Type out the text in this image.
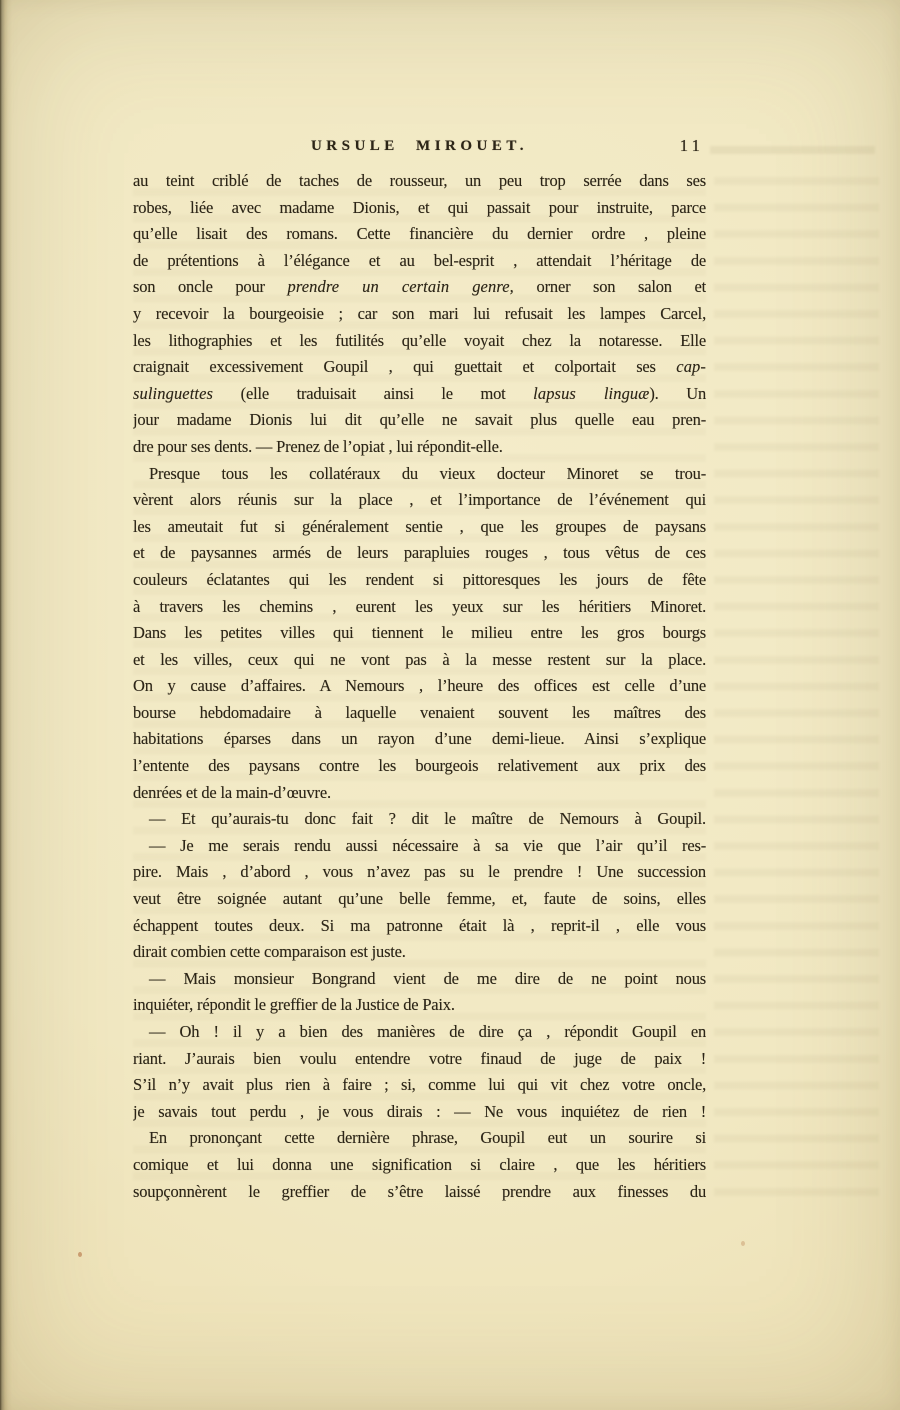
URSULE MIROUET.	11
au teint criblé de taches de rousseur, un peu trop serrée dans ses
robes, liée avec madame Dionis, et qui passait pour instruite, parce
qu’elle lisait des romans. Cette financière du dernier ordre , pleine
de prétentions à l’élégance et au bel-esprit , attendait l’héritage de
son oncle pour prendre un certain genre, orner son salon et
y recevoir la bourgeoisie ; car son mari lui refusait les lampes Carcel,
les lithographies et les futilités qu’elle voyait chez la notaresse. Elle
craignait excessivement Goupil , qui guettait et colportait ses cap-
sulinguettes (elle traduisait ainsi le mot lapsus linguæ). Un
jour madame Dionis lui dit qu’elle ne savait plus quelle eau pren-
dre pour ses dents. — Prenez de l’opiat , lui répondit-elle.
Presque tous les collatéraux du vieux docteur Minoret se trou-
vèrent alors réunis sur la place , et l’importance de l’événement qui
les ameutait fut si généralement sentie , que les groupes de paysans
et de paysannes armés de leurs parapluies rouges , tous vêtus de ces
couleurs éclatantes qui les rendent si pittoresques les jours de fête
à travers les chemins , eurent les yeux sur les héritiers Minoret.
Dans les petites villes qui tiennent le milieu entre les gros bourgs
et les villes, ceux qui ne vont pas à la messe restent sur la place.
On y cause d’affaires. A Nemours , l’heure des offices est celle d’une
bourse hebdomadaire à laquelle venaient souvent les maîtres des
habitations éparses dans un rayon d’une demi-lieue. Ainsi s’explique
l’entente des paysans contre les bourgeois relativement aux prix des
denrées et de la main-d’œuvre.
— Et qu’aurais-tu donc fait ? dit le maître de Nemours à Goupil.
— Je me serais rendu aussi nécessaire à sa vie que l’air qu’il res-
pire. Mais , d’abord , vous n’avez pas su le prendre ! Une succession
veut être soignée autant qu’une belle femme, et, faute de soins, elles
échappent toutes deux. Si ma patronne était là , reprit-il , elle vous
dirait combien cette comparaison est juste.
— Mais monsieur Bongrand vient de me dire de ne point nous
inquiéter, répondit le greffier de la Justice de Paix.
— Oh ! il y a bien des manières de dire ça , répondit Goupil en
riant. J’aurais bien voulu entendre votre finaud de juge de paix !
S’il n’y avait plus rien à faire ; si, comme lui qui vit chez votre oncle,
je savais tout perdu , je vous dirais : — Ne vous inquiétez de rien !
En prononçant cette dernière phrase, Goupil eut un sourire si
comique et lui donna une signification si claire , que les héritiers
soupçonnèrent le greffier de s’être laissé prendre aux finesses du
